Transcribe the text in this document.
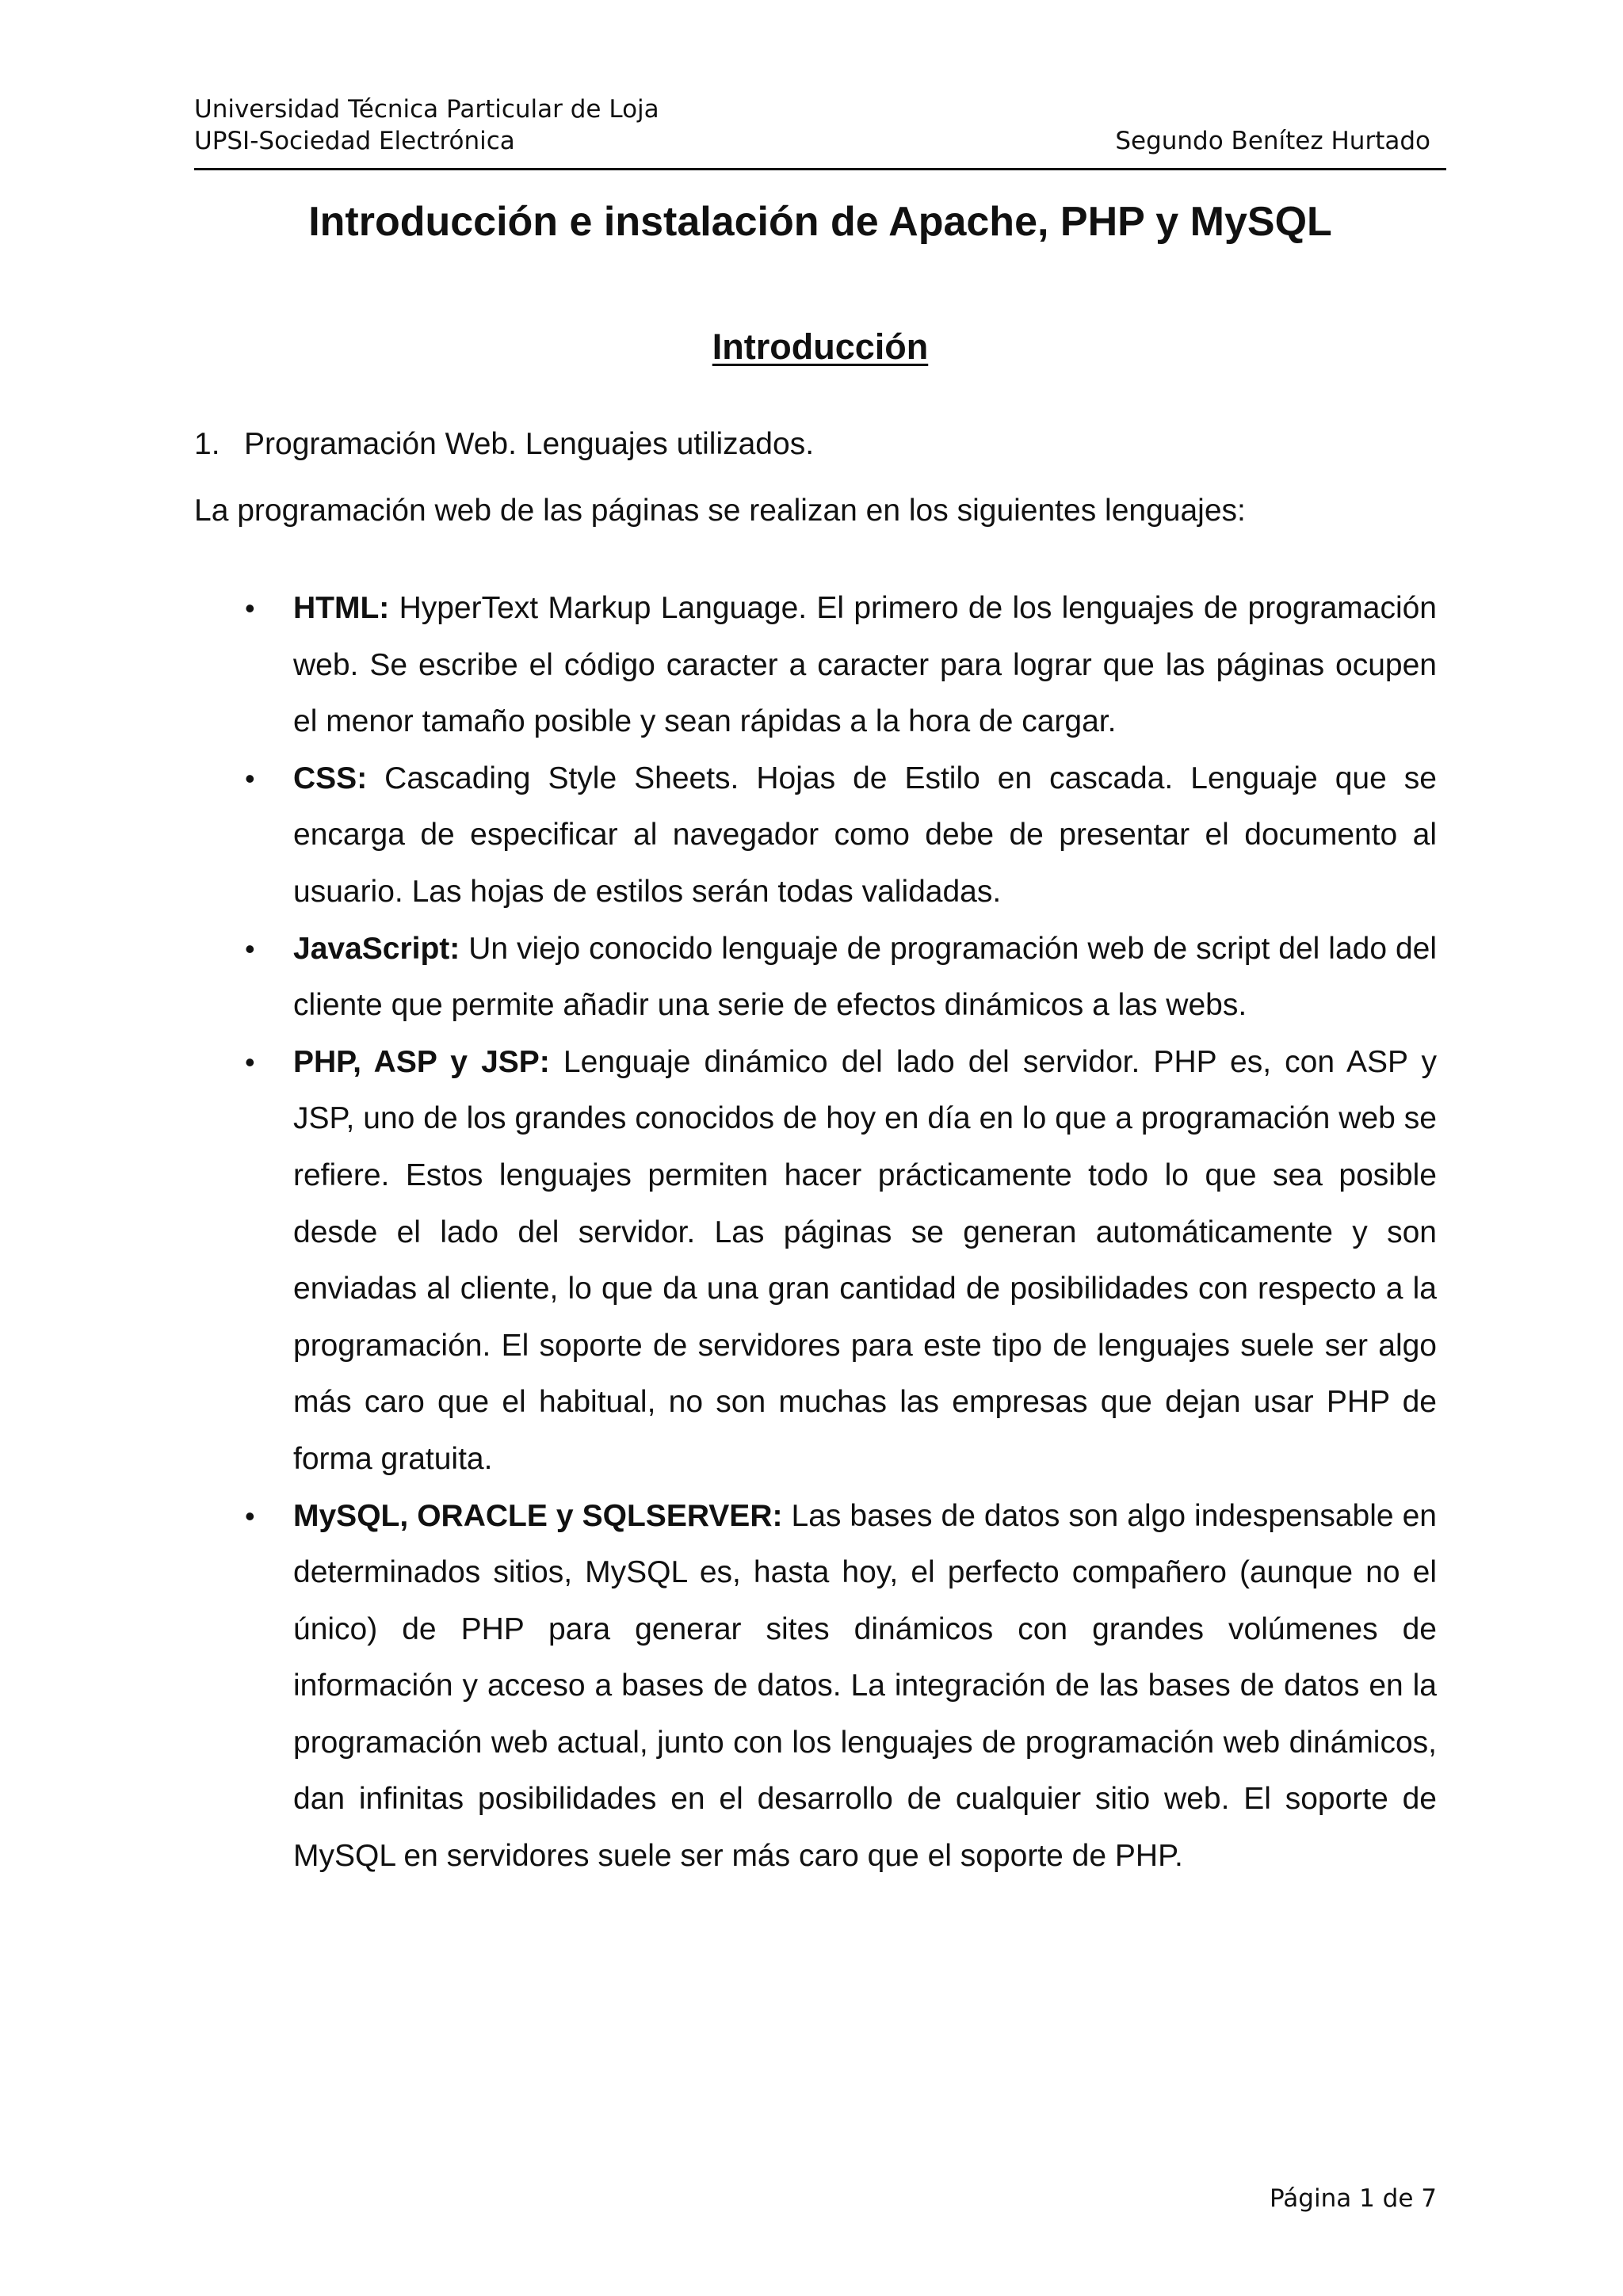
Universidad Técnica Particular de Loja
UPSI-Sociedad Electrónica	Segundo Benítez Hurtado
Introducción e instalación de Apache, PHP y MySQL
Introducción
1. Programación Web. Lenguajes utilizados.
La programación web de las páginas se realizan en los siguientes lenguajes:
• HTML: HyperText Markup Language. El primero de los lenguajes de programación web. Se escribe el código caracter a caracter para lograr que las páginas ocupen el menor tamaño posible y sean rápidas a la hora de cargar.
• CSS: Cascading Style Sheets. Hojas de Estilo en cascada. Lenguaje que se encarga de especificar al navegador como debe de presentar el documento al usuario. Las hojas de estilos serán todas validadas.
• JavaScript: Un viejo conocido lenguaje de programación web de script del lado del cliente que permite añadir una serie de efectos dinámicos a las webs.
• PHP, ASP y JSP: Lenguaje dinámico del lado del servidor. PHP es, con ASP y JSP, uno de los grandes conocidos de hoy en día en lo que a programación web se refiere. Estos lenguajes permiten hacer prácticamente todo lo que sea posible desde el lado del servidor. Las páginas se generan automáticamente y son enviadas al cliente, lo que da una gran cantidad de posibilidades con respecto a la programación. El soporte de servidores para este tipo de lenguajes suele ser algo más caro que el habitual, no son muchas las empresas que dejan usar PHP de forma gratuita.
• MySQL, ORACLE y SQLSERVER: Las bases de datos son algo indespensable en determinados sitios, MySQL es, hasta hoy, el perfecto compañero (aunque no el único) de PHP para generar sites dinámicos con grandes volúmenes de información y acceso a bases de datos. La integración de las bases de datos en la programación web actual, junto con los lenguajes de programación web dinámicos, dan infinitas posibilidades en el desarrollo de cualquier sitio web. El soporte de MySQL en servidores suele ser más caro que el soporte de PHP.
Página 1 de 7
